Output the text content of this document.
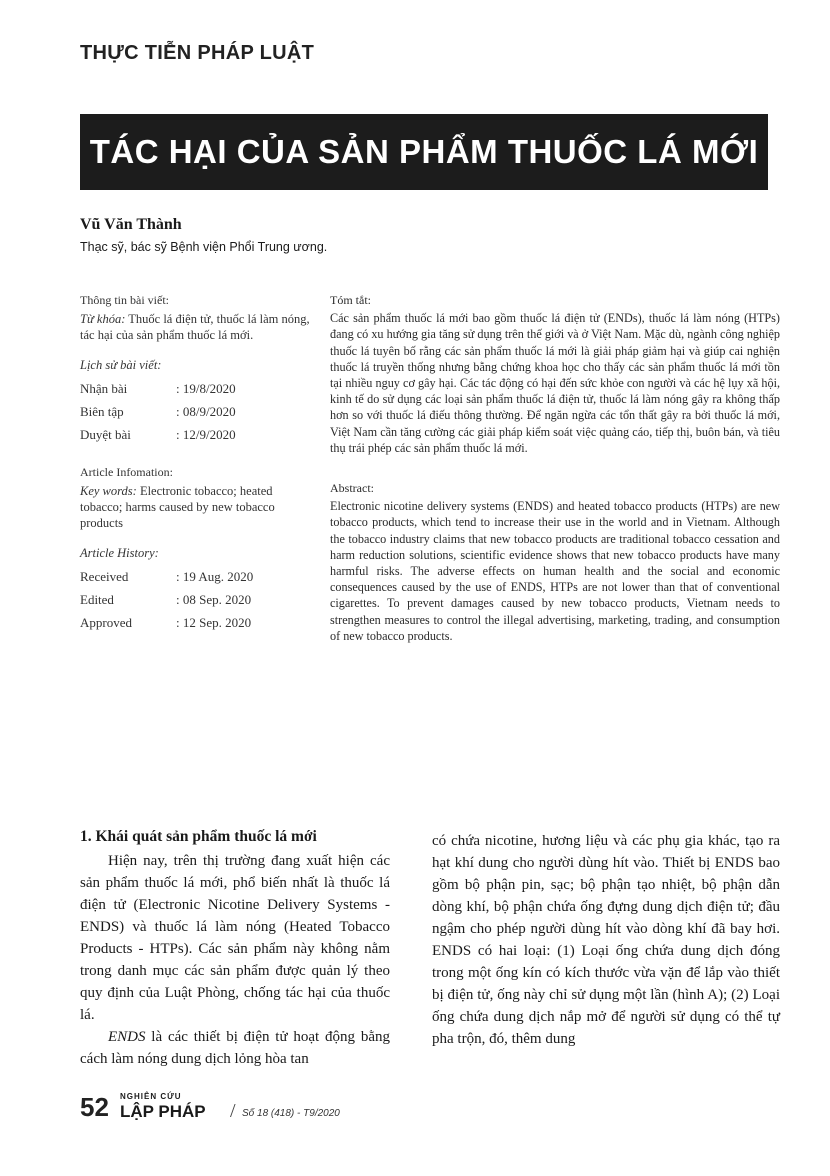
THỰC TIỄN PHÁP LUẬT
TÁC HẠI CỦA SẢN PHẨM THUỐC LÁ MỚI
Vũ Văn Thành
Thạc sỹ, bác sỹ Bệnh viện Phổi Trung ương.
Thông tin bài viết:
Từ khóa: Thuốc lá điện tử, thuốc lá làm nóng, tác hại của sản phẩm thuốc lá mới.
Lịch sử bài viết:
Nhận bài	: 19/8/2020
Biên tập	: 08/9/2020
Duyệt bài	: 12/9/2020
Article Infomation:
Key words: Electronic tobacco; heated tobacco; harms caused by new tobacco products
Article History:
Received	: 19 Aug. 2020
Edited	: 08 Sep. 2020
Approved	: 12 Sep. 2020
Tóm tắt:
Các sản phẩm thuốc lá mới bao gồm thuốc lá điện tử (ENDs), thuốc lá làm nóng (HTPs) đang có xu hướng gia tăng sử dụng trên thế giới và ở Việt Nam. Mặc dù, ngành công nghiệp thuốc lá tuyên bố rằng các sản phẩm thuốc lá mới là giải pháp giảm hại và giúp cai nghiện thuốc lá truyền thống nhưng bằng chứng khoa học cho thấy các sản phẩm thuốc lá mới tồn tại nhiều nguy cơ gây hại. Các tác động có hại đến sức khỏe con người và các hệ lụy xã hội, kinh tế do sử dụng các loại sản phẩm thuốc lá điện tử, thuốc lá làm nóng gây ra không thấp hơn so với thuốc lá điếu thông thường. Để ngăn ngừa các tổn thất gây ra bởi thuốc lá mới, Việt Nam cần tăng cường các giải pháp kiểm soát việc quảng cáo, tiếp thị, buôn bán, và tiêu thụ trái phép các sản phẩm thuốc lá mới.
Abstract:
Electronic nicotine delivery systems (ENDS) and heated tobacco products (HTPs) are new tobacco products, which tend to increase their use in the world and in Vietnam. Although the tobacco industry claims that new tobacco products are traditional tobacco cessation and harm reduction solutions, scientific evidence shows that new tobacco products have many harmful risks. The adverse effects on human health and the social and economic consequences caused by the use of ENDS, HTPs are not lower than that of conventional cigarettes. To prevent damages caused by new tobacco products, Vietnam needs to strengthen measures to control the illegal advertising, marketing, trading, and consumption of new tobacco products.
1. Khái quát sản phẩm thuốc lá mới

Hiện nay, trên thị trường đang xuất hiện các sản phẩm thuốc lá mới, phổ biến nhất là thuốc lá điện tử (Electronic Nicotine Delivery Systems - ENDS) và thuốc lá làm nóng (Heated Tobacco Products - HTPs). Các sản phẩm này không nằm trong danh mục các sản phẩm được quản lý theo quy định của Luật Phòng, chống tác hại của thuốc lá.

ENDS là các thiết bị điện tử hoạt động bằng cách làm nóng dung dịch lỏng hòa tan

có chứa nicotine, hương liệu và các phụ gia khác, tạo ra hạt khí dung cho người dùng hít vào. Thiết bị ENDS bao gồm bộ phận pin, sạc; bộ phận tạo nhiệt, bộ phận dẫn dòng khí, bộ phận chứa ống đựng dung dịch điện tử; đầu ngậm cho phép người dùng hít vào dòng khí đã bay hơi. ENDS có hai loại: (1) Loại ống chứa dung dịch đóng trong một ống kín có kích thước vừa vặn để lắp vào thiết bị điện tử, ống này chỉ sử dụng một lần (hình A); (2) Loại ống chứa dung dịch nắp mở để người sử dụng có thể tự pha trộn, đó, thêm dung

52 NGHIÊN CỨU
LẬP PHÁP / Số 18 (418) - T9/2020
